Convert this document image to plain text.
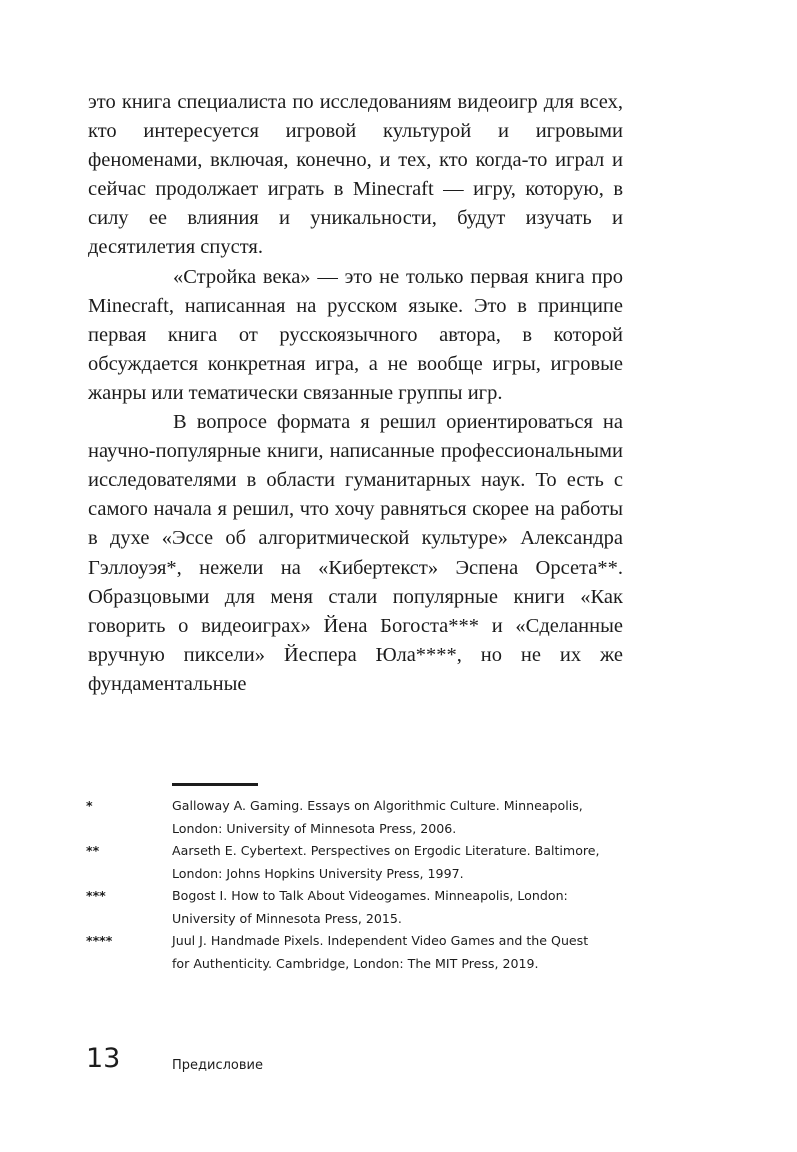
это книга специалиста по исследованиям видеоигр для всех, кто интересуется игровой культурой и игровыми феноменами, включая, конечно, и тех, кто когда-то играл и сейчас продолжает играть в Minecraft — игру, которую, в силу ее влияния и уникальности, будут изучать и десятилетия спустя.

«Стройка века» — это не только первая книга про Minecraft, написанная на русском языке. Это в принципе первая книга от русскоязычного автора, в которой обсуждается конкретная игра, а не вообще игры, игровые жанры или тематически связанные группы игр.

В вопросе формата я решил ориентироваться на научно-популярные книги, написанные профессиональными исследователями в области гуманитарных наук. То есть с самого начала я решил, что хочу равняться скорее на работы в духе «Эссе об алгоритмической культуре» Александра Гэллоуэя*, нежели на «Кибертекст» Эспена Орсета**. Образцовыми для меня стали популярные книги «Как говорить о видеоиграх» Йена Богоста*** и «Сделанные вручную пиксели» Йеспера Юла****, но не их же фундаментальные

*	Galloway A. Gaming. Essays on Algorithmic Culture. Minneapolis, London: University of Minnesota Press, 2006.
**	Aarseth E. Cybertext. Perspectives on Ergodic Literature. Baltimore, London: Johns Hopkins University Press, 1997.
***	Bogost I. How to Talk About Videogames. Minneapolis, London: University of Minnesota Press, 2015.
****	Juul J. Handmade Pixels. Independent Video Games and the Quest for Authenticity. Cambridge, London: The MIT Press, 2019.
13	Предисловие
